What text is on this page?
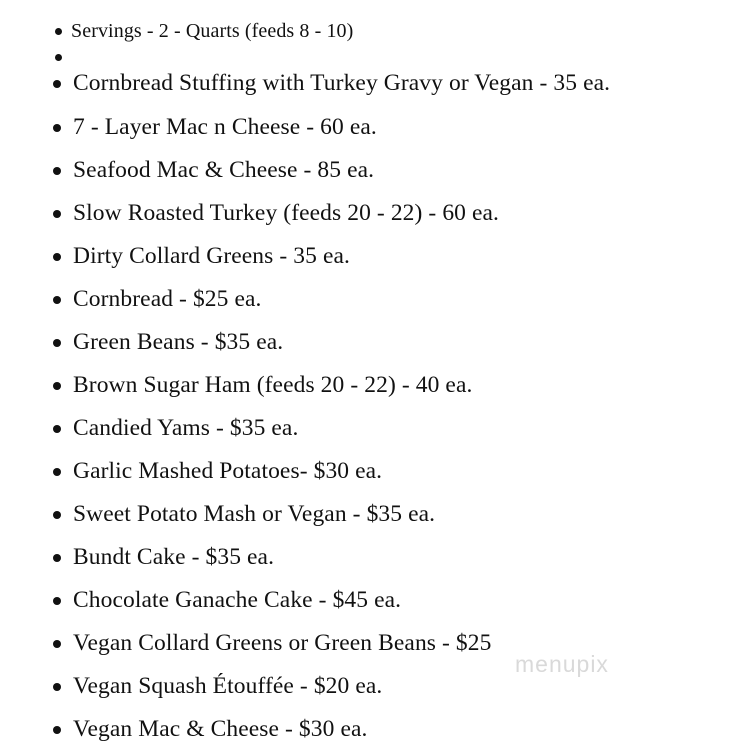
Servings - 2 - Quarts (feeds 8 - 10)
Cornbread Stuffing with Turkey Gravy or Vegan - 35 ea.
7 - Layer Mac n Cheese - 60 ea.
Seafood Mac & Cheese - 85 ea.
Slow Roasted Turkey (feeds 20 - 22) - 60 ea.
Dirty Collard Greens - 35 ea.
Cornbread - $25 ea.
Green Beans - $35 ea.
Brown Sugar Ham (feeds 20 - 22) - 40 ea.
Candied Yams - $35 ea.
Garlic Mashed Potatoes- $30 ea.
Sweet Potato Mash or Vegan - $35 ea.
Bundt Cake - $35 ea.
Chocolate Ganache Cake - $45 ea.
Vegan Collard Greens or Green Beans - $25
Vegan Squash Étouffée - $20 ea.
Vegan Mac & Cheese - $30 ea.
menupix
